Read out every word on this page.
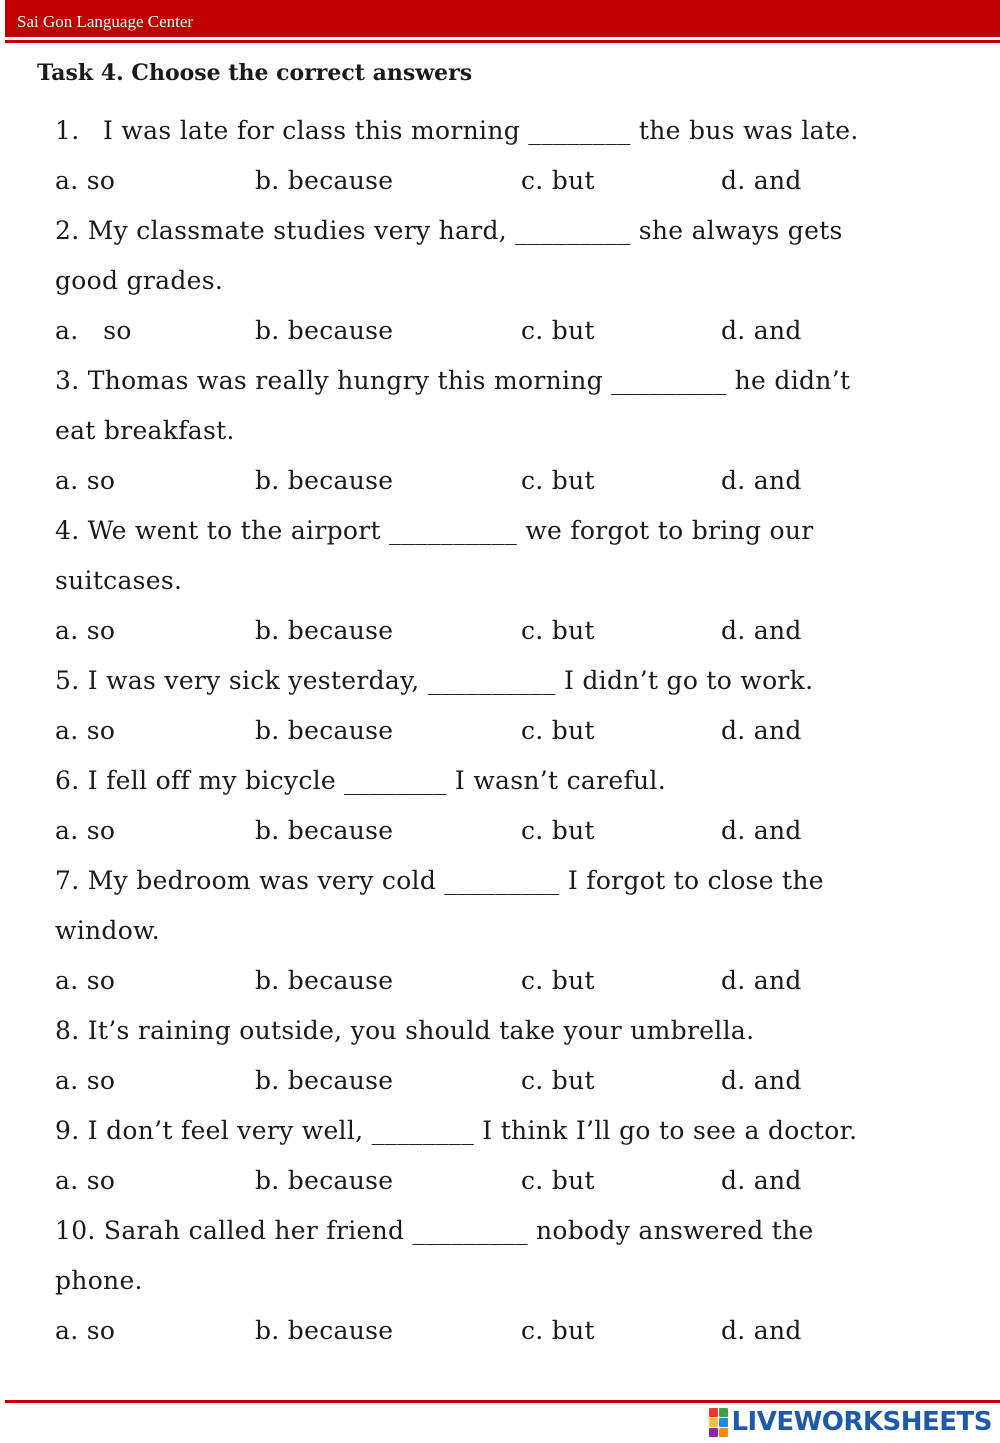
Sai Gon Language Center
Task 4. Choose the correct answers
1. I was late for class this morning ________ the bus was late.
a. so	b. because	c. but	d. and
2. My classmate studies very hard, _________ she always gets
good grades.
a.   so	b. because	c. but	d. and
3. Thomas was really hungry this morning _________ he didn’t
eat breakfast.
a. so	b. because	c. but	d. and
4. We went to the airport __________ we forgot to bring our
suitcases.
a. so	b. because	c. but	d. and
5. I was very sick yesterday, __________ I didn’t go to work.
a. so	b. because	c. but	d. and
6. I fell off my bicycle ________ I wasn’t careful.
a. so	b. because	c. but	d. and
7. My bedroom was very cold _________ I forgot to close the
window.
a. so	b. because	c. but	d. and
8. It’s raining outside, you should take your umbrella.
a. so	b. because	c. but	d. and
9. I don’t feel very well, ________ I think I’ll go to see a doctor.
a. so	b. because	c. but	d. and
10. Sarah called her friend _________ nobody answered the
phone.
a. so	b. because	c. but	d. and
LIVEWORKSHEETS
